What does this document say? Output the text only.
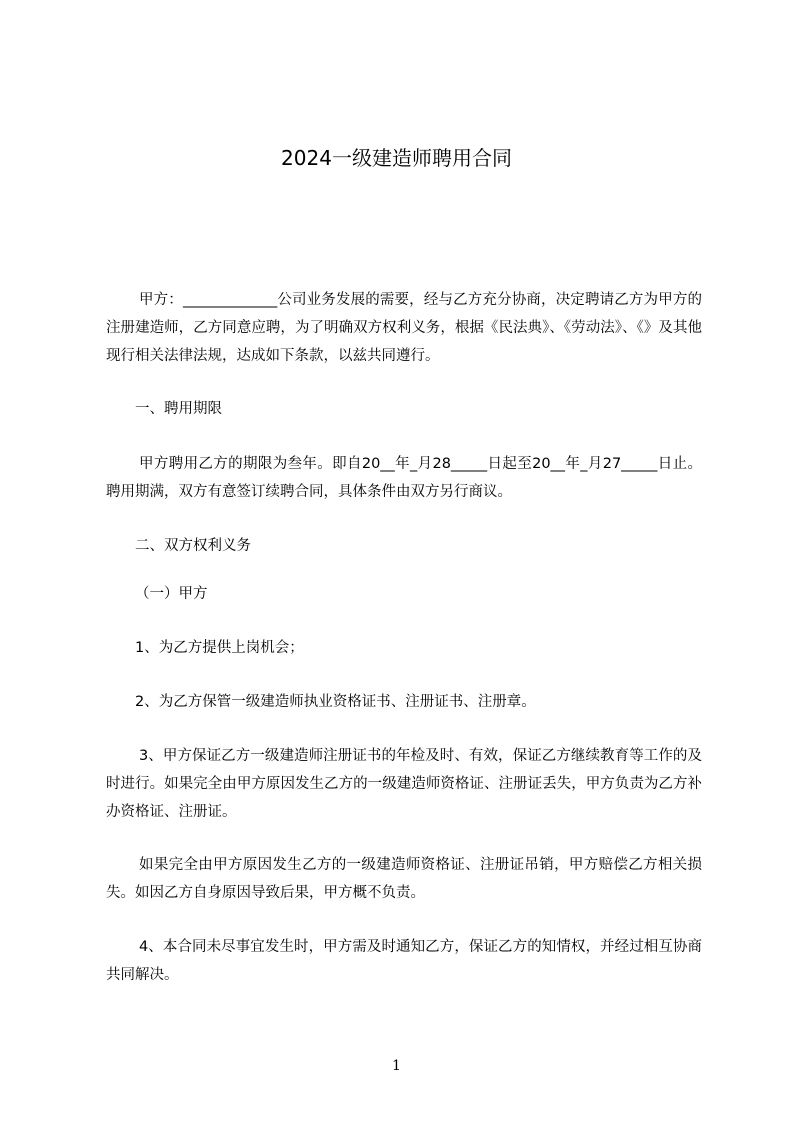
2024一级建造师聘用合同

甲方：_____________公司业务发展的需要，经与乙方充分协商，决定聘请乙方为甲方的注册建造师，乙方同意应聘，为了明确双方权利义务，根据《民法典》、《劳动法》、《》及其他现行相关法律法规，达成如下条款，以兹共同遵行。

一、聘用期限

甲方聘用乙方的期限为叁年。即自20__年_月28_____日起至20__年_月27_____日止。聘用期满，双方有意签订续聘合同，具体条件由双方另行商议。

二、双方权利义务

（一）甲方

1、为乙方提供上岗机会；

2、为乙方保管一级建造师执业资格证书、注册证书、注册章。

3、甲方保证乙方一级建造师注册证书的年检及时、有效，保证乙方继续教育等工作的及时进行。如果完全由甲方原因发生乙方的一级建造师资格证、注册证丢失，甲方负责为乙方补办资格证、注册证。

如果完全由甲方原因发生乙方的一级建造师资格证、注册证吊销，甲方赔偿乙方相关损失。如因乙方自身原因导致后果，甲方概不负责。

4、本合同未尽事宜发生时，甲方需及时通知乙方，保证乙方的知情权，并经过相互协商共同解决。

1
